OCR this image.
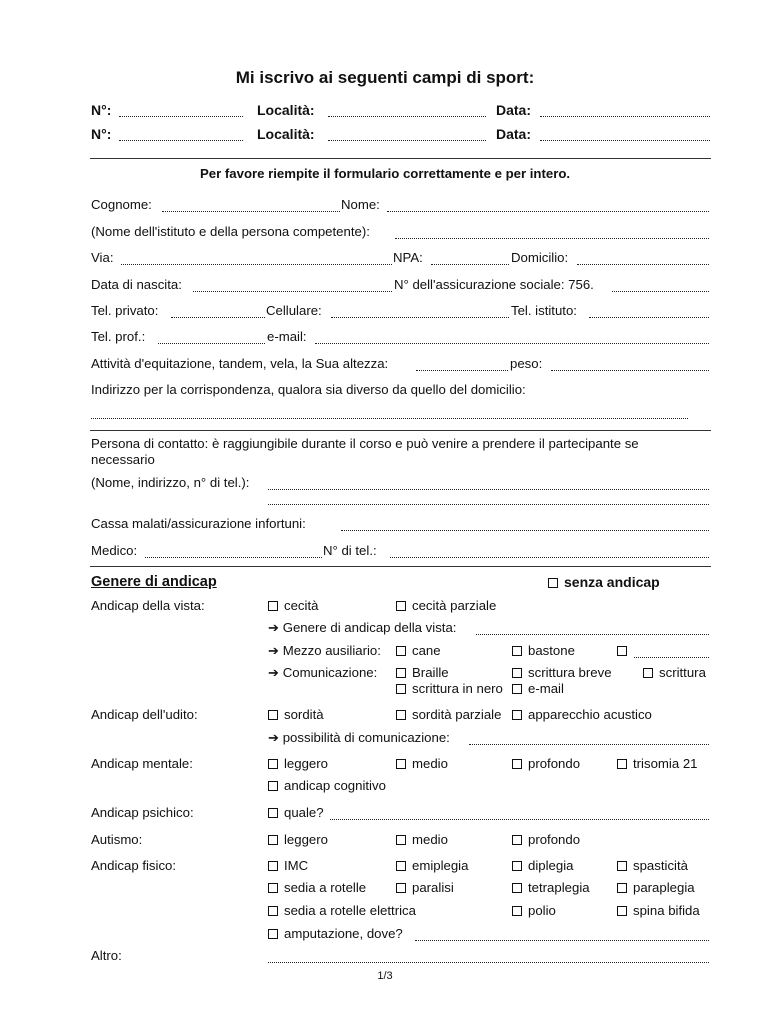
Mi iscrivo ai seguenti campi di sport:
N°:	Località:	Data:
N°:	Località:	Data:
Per favore riempite il formulario correttamente e per intero.
Cognome:	Nome:
(Nome dell'istituto e della persona competente):
Via:	NPA:	Domicilio:
Data di nascita:	N° dell'assicurazione sociale: 756.
Tel. privato:	Cellulare:	Tel. istituto:
Tel. prof.:	e-mail:
Attività d'equitazione, tandem, vela, la Sua altezza:	peso:
Indirizzo per la corrispondenza, qualora sia diverso da quello del domicilio:
Persona di contatto: è raggiungibile durante il corso e può venire a prendere il partecipante se
necessario
(Nome, indirizzo, n° di tel.):
Cassa malati/assicurazione infortuni:
Medico:	N° di tel.:
Genere di andicap	senza andicap
Andicap della vista:	cecità	cecità parziale
➔ Genere di andicap della vista:
➔ Mezzo ausiliario:	cane	bastone
➔ Comunicazione:	Braille	scrittura breve	scrittura
scrittura in nero	e-mail
Andicap dell'udito:	sordità	sordità parziale	apparecchio acustico
➔ possibilità di comunicazione:
Andicap mentale:	leggero	medio	profondo	trisomia 21
andicap cognitivo
Andicap psichico:	quale?
Autismo:	leggero	medio	profondo
Andicap fisico:	IMC	emiplegia	diplegia	spasticità
sedia a rotelle	paralisi	tetraplegia	paraplegia
sedia a rotelle elettrica	polio	spina bifida
amputazione, dove?
Altro:
1/3
